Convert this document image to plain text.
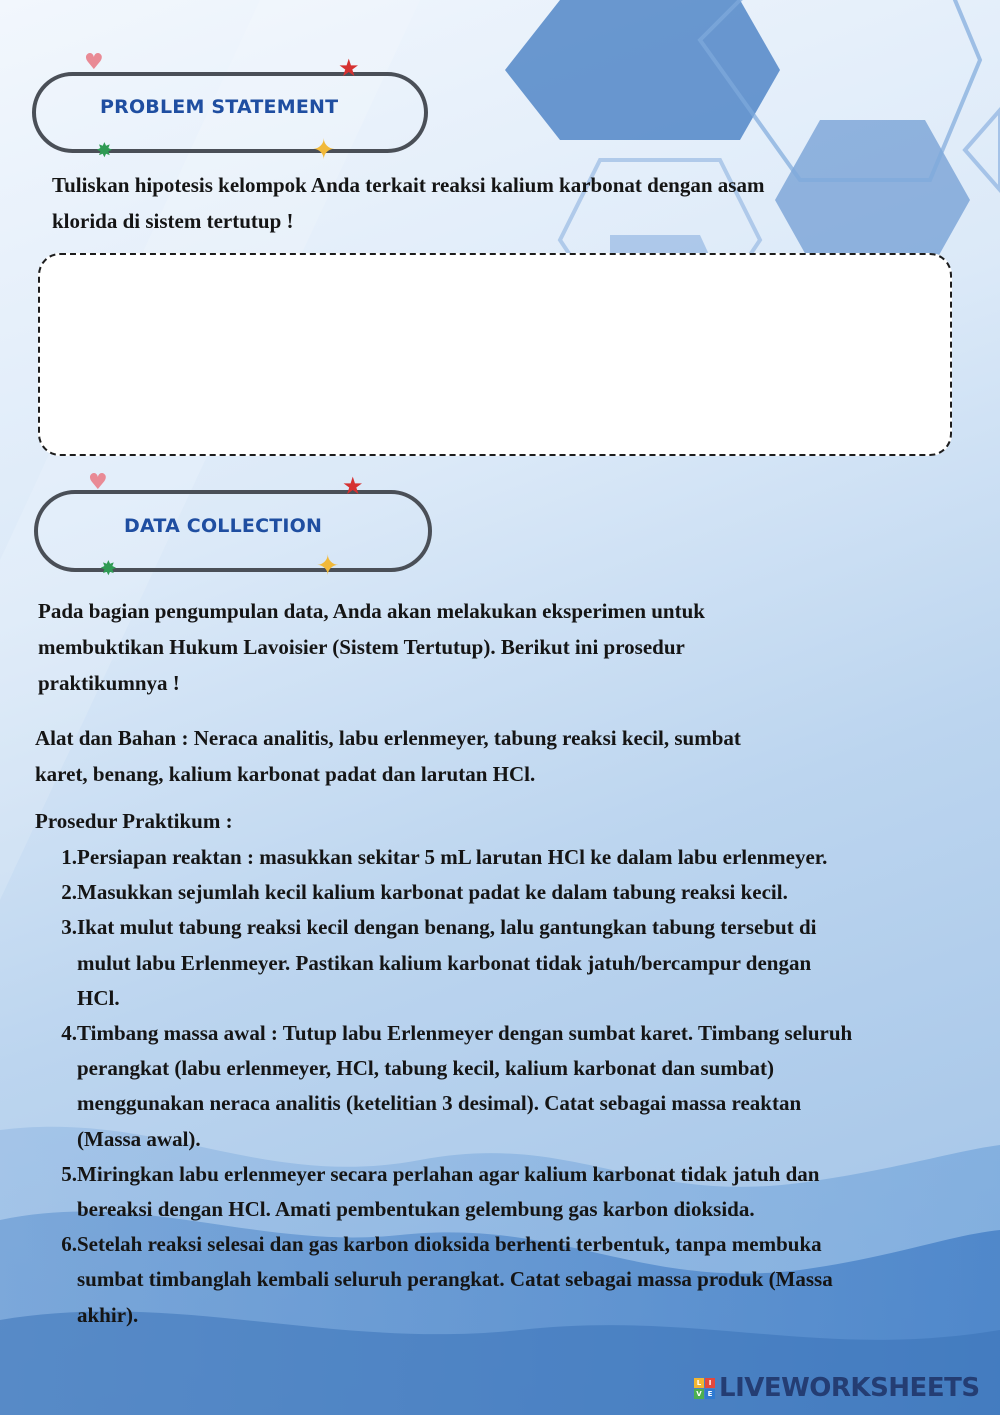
PROBLEM STATEMENT
♥	★
✸	✦

Tuliskan hipotesis kelompok Anda terkait reaksi kalium karbonat dengan asam
klorida di sistem tertutup !

DATA COLLECTION
♥	★
✸	✦

Pada bagian pengumpulan data, Anda akan melakukan eksperimen untuk
membuktikan Hukum Lavoisier (Sistem Tertutup). Berikut ini prosedur
praktikumnya !

Alat dan Bahan : Neraca analitis, labu erlenmeyer, tabung reaksi kecil, sumbat
karet, benang, kalium karbonat padat dan larutan HCl.

Prosedur Praktikum :

1. Persiapan reaktan : masukkan sekitar 5 mL larutan HCl ke dalam labu erlenmeyer.
2. Masukkan sejumlah kecil kalium karbonat padat ke dalam tabung reaksi kecil.
3. Ikat mulut tabung reaksi kecil dengan benang, lalu gantungkan tabung tersebut di
mulut labu Erlenmeyer. Pastikan kalium karbonat tidak jatuh/bercampur dengan
HCl.
4. Timbang massa awal : Tutup labu Erlenmeyer dengan sumbat karet. Timbang seluruh
perangkat (labu erlenmeyer, HCl, tabung kecil, kalium karbonat dan sumbat)
menggunakan neraca analitis (ketelitian 3 desimal). Catat sebagai massa reaktan
(Massa awal).
5. Miringkan labu erlenmeyer secara perlahan agar kalium karbonat tidak jatuh dan
bereaksi dengan HCl. Amati pembentukan gelembung gas karbon dioksida.
6. Setelah reaksi selesai dan gas karbon dioksida berhenti terbentuk, tanpa membuka
sumbat timbanglah kembali seluruh perangkat. Catat sebagai massa produk (Massa
akhir).
L	I
V E LIVEWORKSHEETS
